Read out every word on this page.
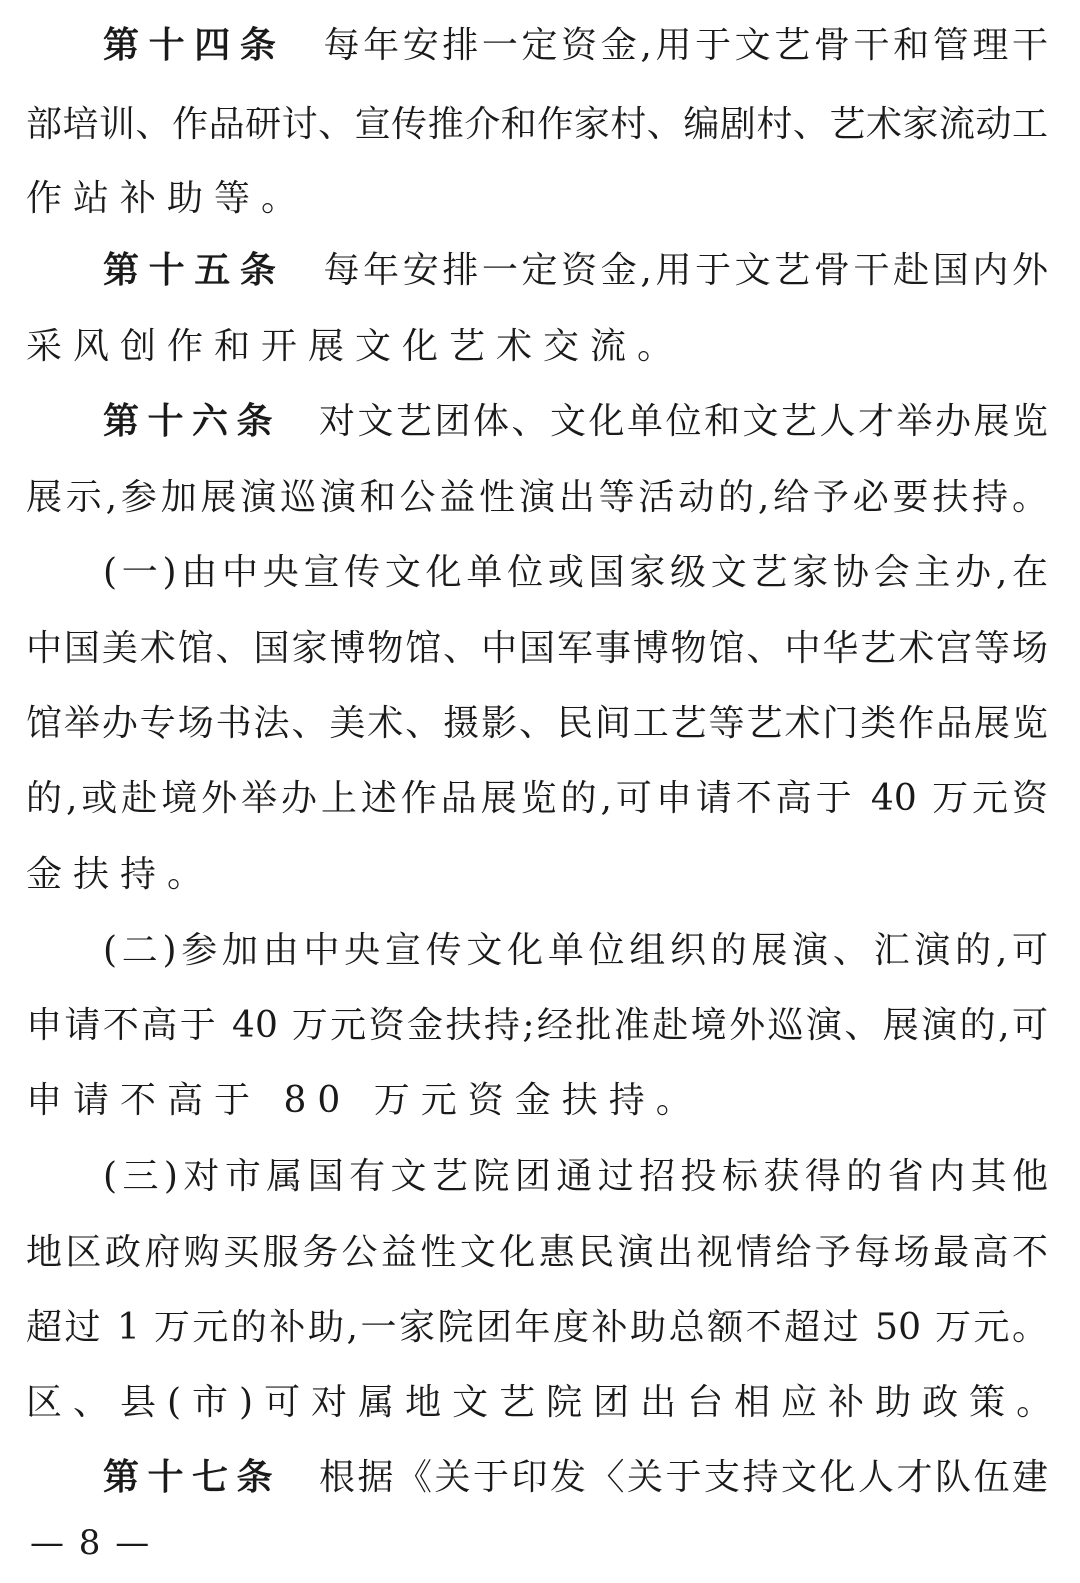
第十四条 每年安排一定资金,用于文艺骨干和管理干
部培训、作品研讨、宣传推介和作家村、编剧村、艺术家流动工
作站补助等。
第十五条 每年安排一定资金,用于文艺骨干赴国内外
采风创作和开展文化艺术交流。
第十六条 对文艺团体、文化单位和文艺人才举办展览
展示,参加展演巡演和公益性演出等活动的,给予必要扶持。
(一)由中央宣传文化单位或国家级文艺家协会主办,在
中国美术馆、国家博物馆、中国军事博物馆、中华艺术宫等场
馆举办专场书法、美术、摄影、民间工艺等艺术门类作品展览
的,或赴境外举办上述作品展览的,可申请不高于 40 万元资
金扶持。
(二)参加由中央宣传文化单位组织的展演、汇演的,可
申请不高于 40 万元资金扶持;经批准赴境外巡演、展演的,可
申请不高于 80 万元资金扶持。
(三)对市属国有文艺院团通过招投标获得的省内其他
地区政府购买服务公益性文化惠民演出视情给予每场最高不
超过 1 万元的补助,一家院团年度补助总额不超过 50 万元。
区、县(市)可对属地文艺院团出台相应补助政策。
第十七条 根据《关于印发〈关于支持文化人才队伍建
— 8 —
